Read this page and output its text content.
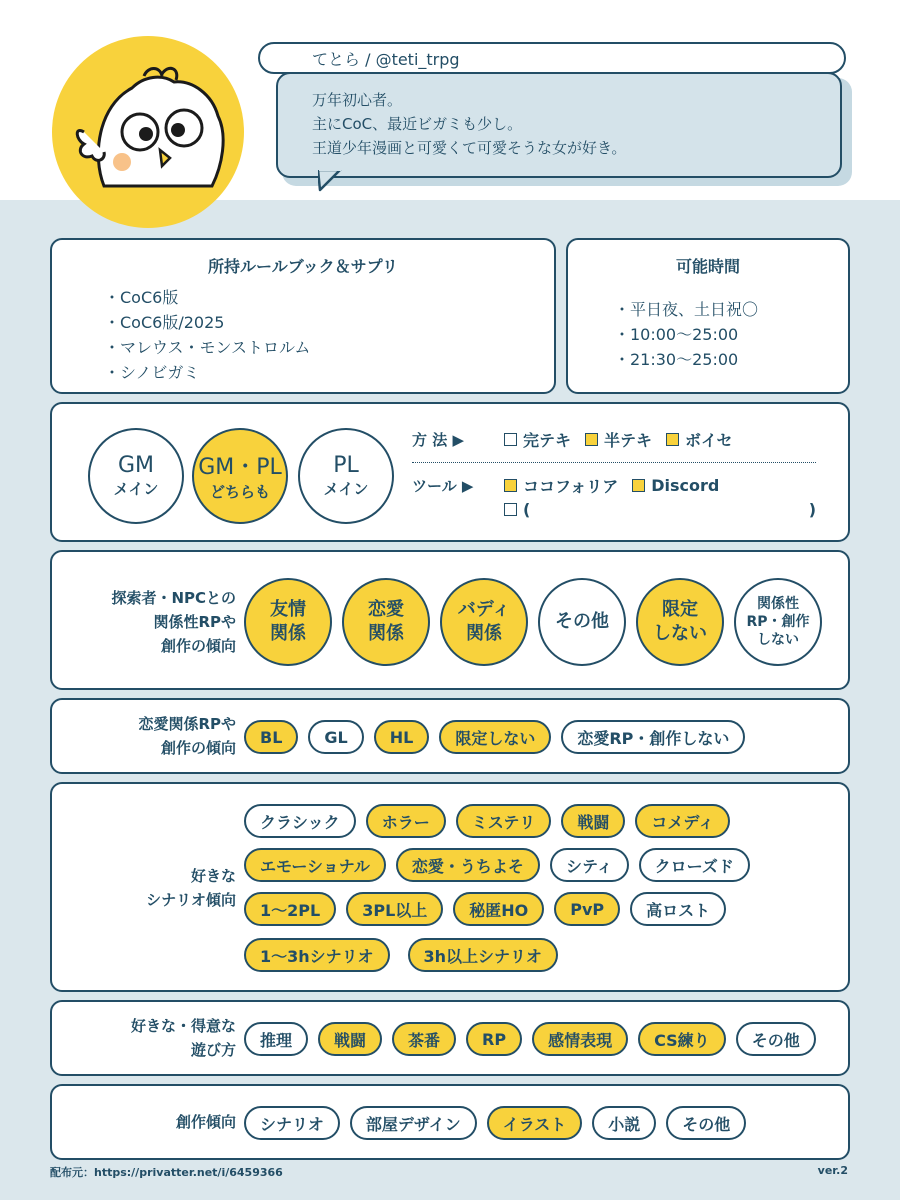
てとら / @teti_trpg
万年初心者。
主にCoC、最近ビガミも少し。
王道少年漫画と可愛くて可愛そうな女が好き。
所持ルールブック＆サプリ
・CoC6版
・CoC6版/2025
・マレウス・モンストロルム
・シノビガミ
可能時間
・平日夜、土日祝〇
・10:00～25:00
・21:30～25:00
GM
メイン
GM・PL
どちらも
PL
メイン
方 法 ▶	完テキ 半テキ ボイセ
ツール ▶	ココフォリア Discord
(	)
探索者・NPCとの
関係性RPや
創作の傾向
友情
関係
恋愛
関係
バディ
関係
その他
限定
しない
関係性
RP・創作
しない
恋愛関係RPや
創作の傾向
BL	GL	HL	限定しない	恋愛RP・創作しない
好きな
シナリオ傾向
クラシック	ホラー	ミステリ	戦闘	コメディ
エモーショナル	恋愛・うちよそ	シティ	クローズド
1～2PL	3PL以上	秘匿HO	PvP	高ロスト
1～3hシナリオ	3h以上シナリオ
好きな・得意な
遊び方
推理	戦闘	茶番	RP	感情表現	CS練り	その他
創作傾向	シナリオ	部屋デザイン	イラスト	小説	その他
配布元：https://privatter.net/i/6459366	ver.2
